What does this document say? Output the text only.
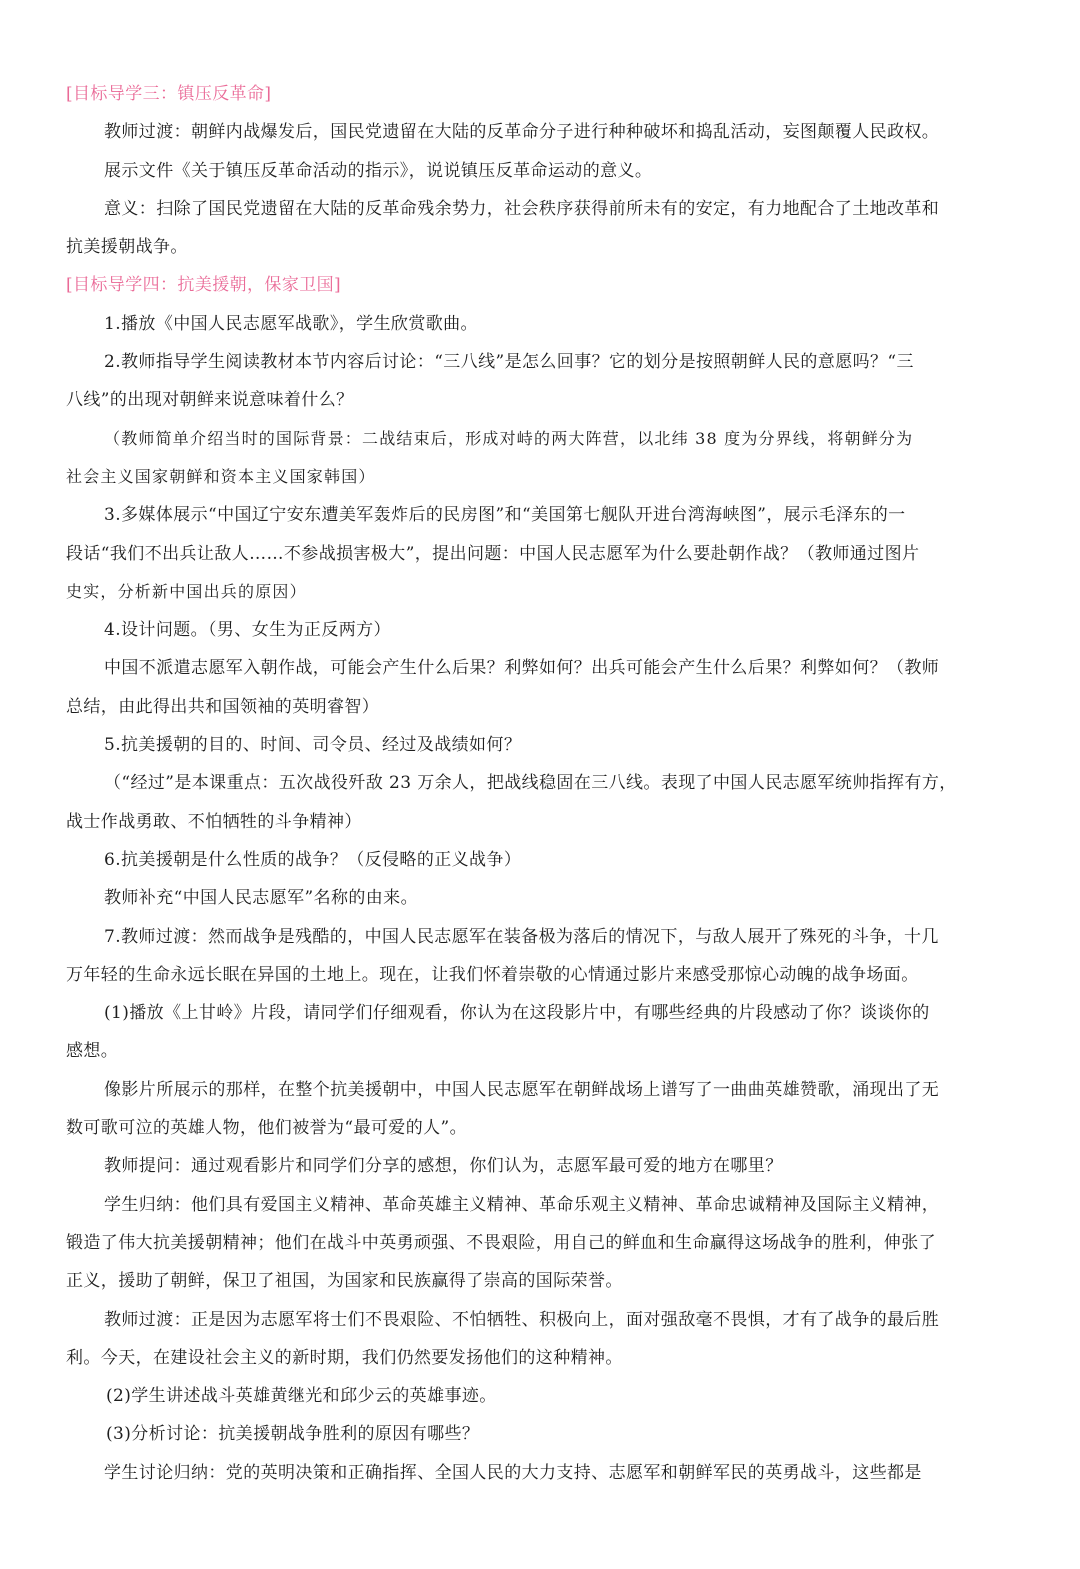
[目标导学三：镇压反革命]
教师过渡：朝鲜内战爆发后，国民党遗留在大陆的反革命分子进行种种破坏和捣乱活动，妄图颠覆人民政权。
展示文件《关于镇压反革命活动的指示》，说说镇压反革命运动的意义。
意义：扫除了国民党遗留在大陆的反革命残余势力，社会秩序获得前所未有的安定，有力地配合了土地改革和
抗美援朝战争。
[目标导学四：抗美援朝，保家卫国]
1.播放《中国人民志愿军战歌》，学生欣赏歌曲。
2.教师指导学生阅读教材本节内容后讨论：“三八线”是怎么回事？它的划分是按照朝鲜人民的意愿吗？“三
八线”的出现对朝鲜来说意味着什么？
（教师简单介绍当时的国际背景：二战结束后，形成对峙的两大阵营，以北纬 38 度为分界线，将朝鲜分为
社会主义国家朝鲜和资本主义国家韩国）
3.多媒体展示“中国辽宁安东遭美军轰炸后的民房图”和“美国第七舰队开进台湾海峡图”，展示毛泽东的一
段话“我们不出兵让敌人……不参战损害极大”，提出问题：中国人民志愿军为什么要赴朝作战？（教师通过图片
史实，分析新中国出兵的原因）
4.设计问题。（男、女生为正反两方）
中国不派遣志愿军入朝作战，可能会产生什么后果？利弊如何？出兵可能会产生什么后果？利弊如何？（教师
总结，由此得出共和国领袖的英明睿智）
5.抗美援朝的目的、时间、司令员、经过及战绩如何？
（“经过”是本课重点：五次战役歼敌 23 万余人，把战线稳固在三八线。表现了中国人民志愿军统帅指挥有方，
战士作战勇敢、不怕牺牲的斗争精神）
6.抗美援朝是什么性质的战争？（反侵略的正义战争）
教师补充“中国人民志愿军”名称的由来。
7.教师过渡：然而战争是残酷的，中国人民志愿军在装备极为落后的情况下，与敌人展开了殊死的斗争，十几
万年轻的生命永远长眠在异国的土地上。现在，让我们怀着崇敬的心情通过影片来感受那惊心动魄的战争场面。
(1)播放《上甘岭》片段，请同学们仔细观看，你认为在这段影片中，有哪些经典的片段感动了你？谈谈你的
感想。
像影片所展示的那样，在整个抗美援朝中，中国人民志愿军在朝鲜战场上谱写了一曲曲英雄赞歌，涌现出了无
数可歌可泣的英雄人物，他们被誉为“最可爱的人”。
教师提问：通过观看影片和同学们分享的感想，你们认为，志愿军最可爱的地方在哪里？
学生归纳：他们具有爱国主义精神、革命英雄主义精神、革命乐观主义精神、革命忠诚精神及国际主义精神，
锻造了伟大抗美援朝精神；他们在战斗中英勇顽强、不畏艰险，用自己的鲜血和生命赢得这场战争的胜利，伸张了
正义，援助了朝鲜，保卫了祖国，为国家和民族赢得了崇高的国际荣誉。
教师过渡：正是因为志愿军将士们不畏艰险、不怕牺牲、积极向上，面对强敌毫不畏惧，才有了战争的最后胜
利。今天，在建设社会主义的新时期，我们仍然要发扬他们的这种精神。
(2)学生讲述战斗英雄黄继光和邱少云的英雄事迹。
(3)分析讨论：抗美援朝战争胜利的原因有哪些？
学生讨论归纳：党的英明决策和正确指挥、全国人民的大力支持、志愿军和朝鲜军民的英勇战斗，这些都是
